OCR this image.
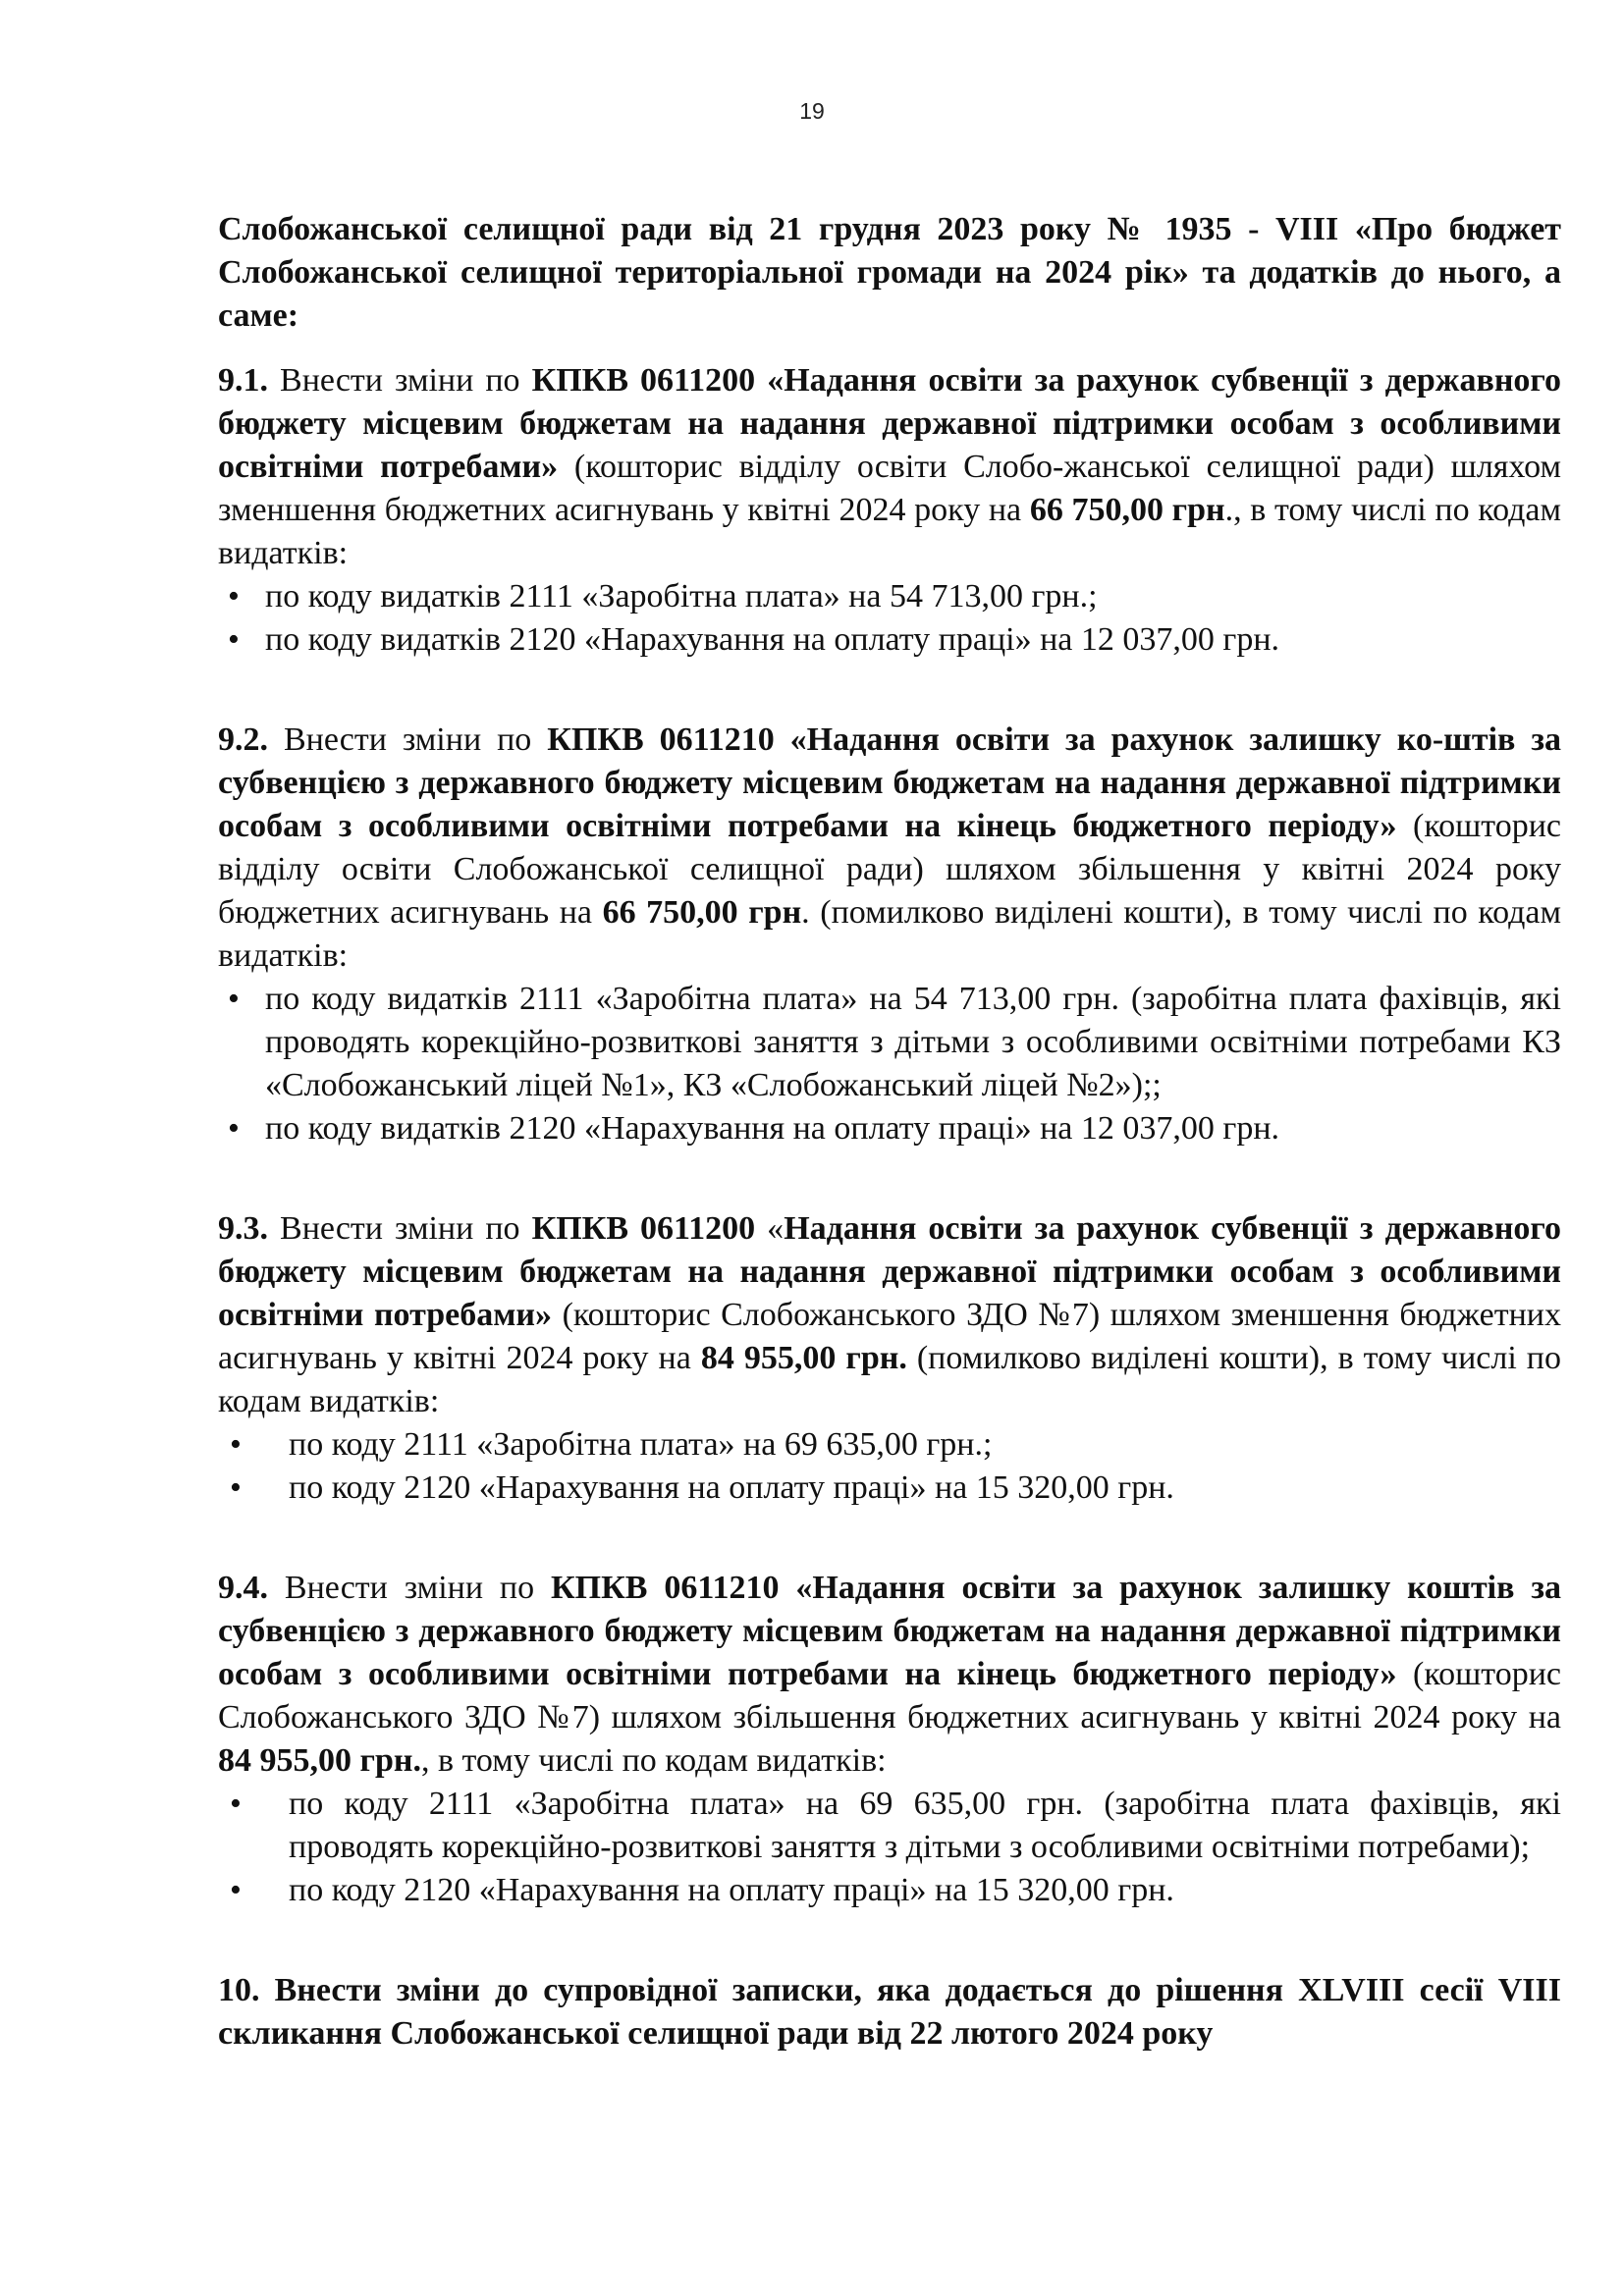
19

Слобожанської селищної ради від 21 грудня 2023 року № 1935 - VIII «Про бюджет Слобожанської селищної територіальної громади на 2024 рік» та додатків до нього, а саме:

9.1. Внести зміни по КПКВ 0611200 «Надання освіти за рахунок субвенції з державного бюджету місцевим бюджетам на надання державної підтримки особам з особливими освітніми потребами» (кошторис відділу освіти Слобо-жанської селищної ради) шляхом зменшення бюджетних асигнувань у квітні 2024 року на 66 750,00 грн., в тому числі по кодам видатків:

• по коду видатків 2111 «Заробітна плата» на 54 713,00 грн.;
• по коду видатків 2120 «Нарахування на оплату праці» на 12 037,00 грн.

9.2. Внести зміни по КПКВ 0611210 «Надання освіти за рахунок залишку ко-штів за субвенцією з державного бюджету місцевим бюджетам на надання державної підтримки особам з особливими освітніми потребами на кінець бюджетного періоду» (кошторис відділу освіти Слобожанської селищної ради) шляхом збільшення у квітні 2024 року бюджетних асигнувань на 66 750,00 грн. (помилково виділені кошти), в тому числі по кодам видатків:

• по коду видатків 2111 «Заробітна плата» на 54 713,00 грн. (заробітна плата фахівців, які проводять корекційно-розвиткові заняття з дітьми з особливими освітніми потребами КЗ «Слобожанський ліцей №1», КЗ «Слобожанський ліцей №2»);;
• по коду видатків 2120 «Нарахування на оплату праці» на 12 037,00 грн.

9.3. Внести зміни по КПКВ 0611200 «Надання освіти за рахунок субвенції з державного бюджету місцевим бюджетам на надання державної підтримки особам з особливими освітніми потребами» (кошторис Слобожанського ЗДО №7) шляхом зменшення бюджетних асигнувань у квітні 2024 року на 84 955,00 грн. (помилково виділені кошти), в тому числі по кодам видатків:

• по коду 2111 «Заробітна плата» на 69 635,00 грн.;
• по коду 2120 «Нарахування на оплату праці» на 15 320,00 грн.

9.4. Внести зміни по КПКВ 0611210 «Надання освіти за рахунок залишку коштів за субвенцією з державного бюджету місцевим бюджетам на надання державної підтримки особам з особливими освітніми потребами на кінець бюджетного періоду» (кошторис Слобожанського ЗДО №7) шляхом збільшення бюджетних асигнувань у квітні 2024 року на 84 955,00 грн., в тому числі по кодам видатків:

• по коду 2111 «Заробітна плата» на 69 635,00 грн. (заробітна плата фахівців, які проводять корекційно-розвиткові заняття з дітьми з особливими освітніми потребами);
• по коду 2120 «Нарахування на оплату праці» на 15 320,00 грн.

10. Внести зміни до супровідної записки, яка додається до рішення XLVIII сесії VIII скликання Слобожанської селищної ради від 22 лютого 2024 року
